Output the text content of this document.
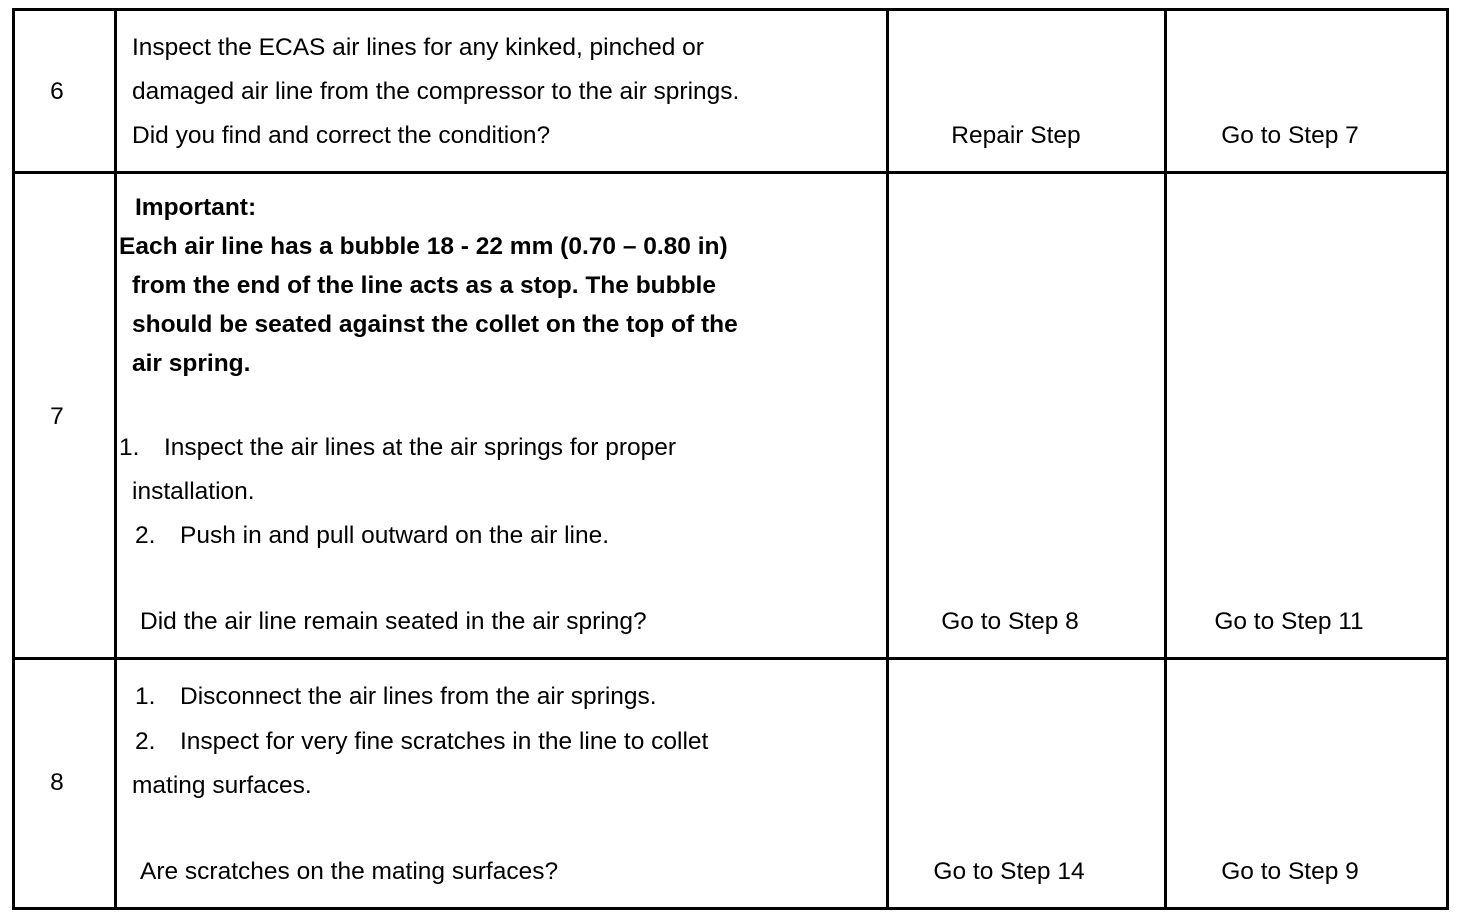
6
Inspect the ECAS air lines for any kinked, pinched or
damaged air line from the compressor to the air springs.
Did you find and correct the condition?	Repair Step	Go to Step 7
7
Important:
Each air line has a bubble 18 - 22 mm (0.70 – 0.80 in)
from the end of the line acts as a stop. The bubble
should be seated against the collet on the top of the
air spring.
1. Inspect the air lines at the air springs for proper
installation.
2. Push in and pull outward on the air line.
Did the air line remain seated in the air spring?	Go to Step 8	Go to Step 11
8
1. Disconnect the air lines from the air springs.
2. Inspect for very fine scratches in the line to collet
mating surfaces.
Are scratches on the mating surfaces?	Go to Step 14	Go to Step 9
